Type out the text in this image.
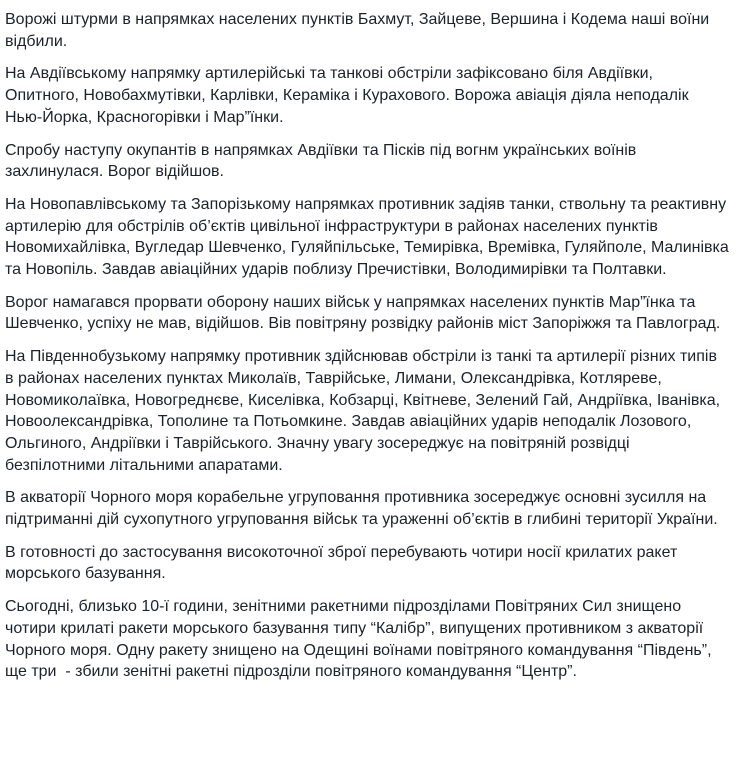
Ворожі штурми в напрямках населених пунктів Бахмут, Зайцеве, Вершина і Кодема наші воїни відбили.

На Авдіївському напрямку артилерійські та танкові обстріли зафіксовано біля Авдіївки, Опитного, Новобахмутівки, Карлівки, Кераміка і Курахового. Ворожа авіація діяла неподалік Нью-Йорка, Красногорівки і Мар”їнки.

Спробу наступу окупантів в напрямках Авдіївки та Пісків під вогнм українських воїнів захлинулася. Ворог відійшов.

На Новопавлівському та Запорізькому напрямках противник задіяв танки, ствольну та реактивну артилерію для обстрілів об’єктів цивільної інфраструктури в районах населених пунктів Новомихайлівка, Вугледар Шевченко, Гуляйпільське, Темирівка, Времівка, Гуляйполе, Малинівка та Новопіль. Завдав авіаційних ударів поблизу Пречистівки, Володимирівки та Полтавки.

Ворог намагався прорвати оборону наших військ у напрямках населених пунктів Мар”їнка та Шевченко, успіху не мав, відійшов. Вів повітряну розвідку районів міст Запоріжжя та Павлоград.

На Південнобузькому напрямку противник здійснював обстріли із танкі та артилерії різних типів в районах населених пунктах Миколаїв, Таврійське, Лимани, Олександрівка, Котляреве, Новомиколаївка, Новогреднєве, Киселівка, Кобзарці, Квітневе, Зелений Гай, Андріївка, Іванівка, Новоолександрівка, Тополине та Потьомкине. Завдав авіаційних ударів неподалік Лозового, Ольгиного, Андріївки і Таврійського. Значну увагу зосереджує на повітряній розвідці безпілотними літальними апаратами.

В акваторії Чорного моря корабельне угруповання противника зосереджує основні зусилля на підтриманні дій сухопутного угруповання військ та ураженні об’єктів в глибині території України.

В готовності до застосування високоточної зброї перебувають чотири носії крилатих ракет морського базування.

Сьогодні, близько 10-ї години, зенітними ракетними підрозділами Повітряних Сил знищено чотири крилаті ракети морського базування типу “Калібр”, випущених противником з акваторії Чорного моря. Одну ракету знищено на Одещині воїнами повітряного командування “Південь”, ще три  - збили зенітні ракетні підрозділи повітряного командування “Центр”.
